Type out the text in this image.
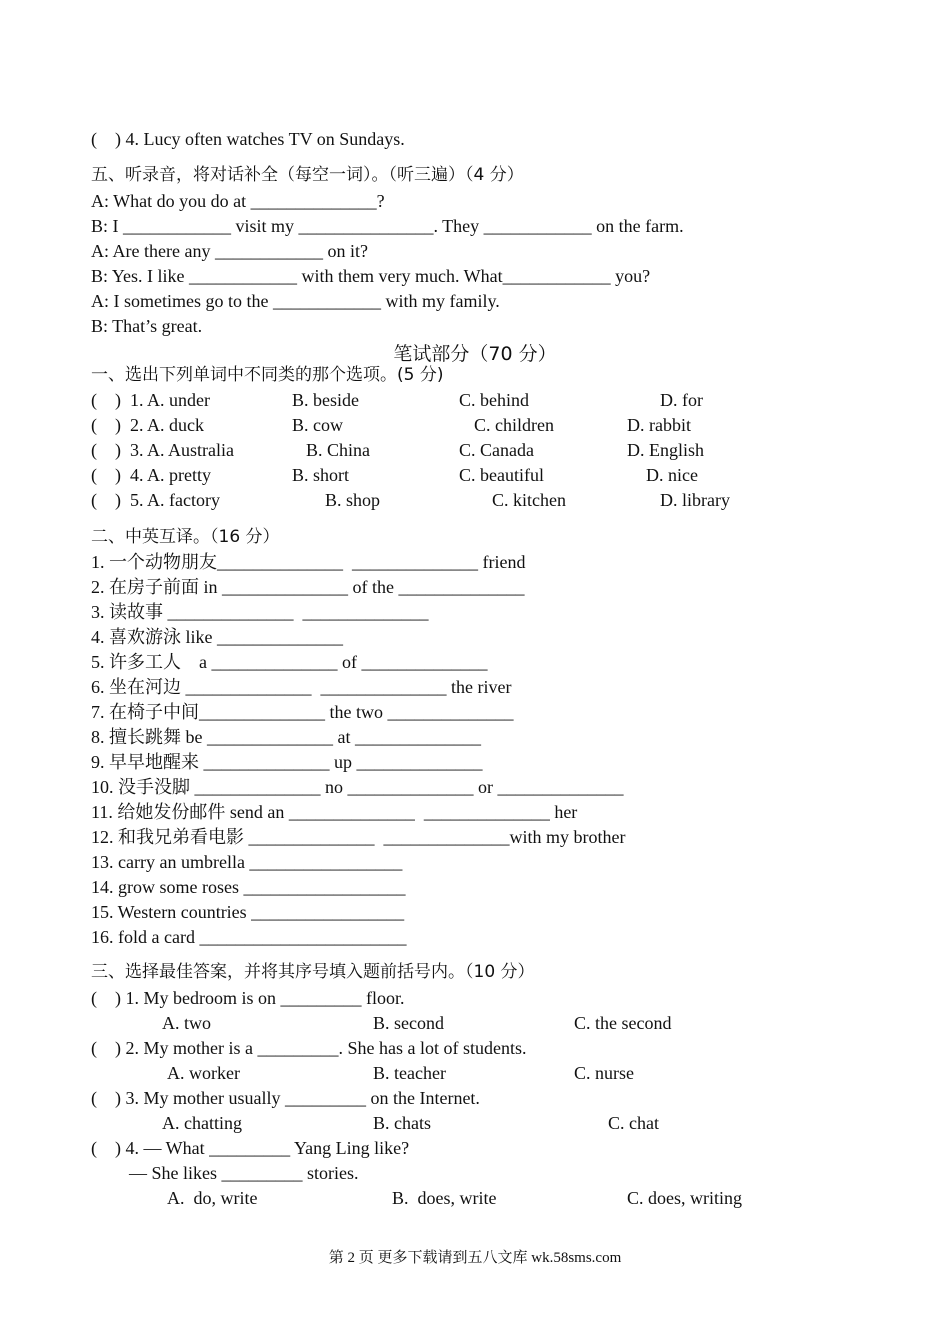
(    ) 4. Lucy often watches TV on Sundays.
五、听录音，将对话补全（每空一词）。（听三遍）（4 分）
A: What do you do at ______________?
B: I ____________ visit my _______________. They ____________ on the farm.
A: Are there any ____________ on it?
B: Yes. I like ____________ with them very much. What____________ you?
A: I sometimes go to the ____________ with my family.
B: That’s great.
笔试部分（70 分）
一、选出下列单词中不同类的那个选项。(5 分)
(    )  1. A. under	B. beside	C. behind	D. for
(    )  2. A. duck	B. cow	C. children	D. rabbit
(    )  3. A. Australia	B. China	C. Canada	D. English
(    )  4. A. pretty	B. short	C. beautiful	D. nice
(    )  5. A. factory	B. shop	C. kitchen	D. library
二、中英互译。（16 分）
1. 一个动物朋友______________  ______________ friend
2. 在房子前面 in ______________ of the ______________
3. 读故事 ______________  ______________
4. 喜欢游泳 like ______________
5. 许多工人    a ______________ of ______________
6. 坐在河边 ______________  ______________ the river
7. 在椅子中间______________ the two ______________
8. 擅长跳舞 be ______________ at ______________
9. 早早地醒来 ______________ up ______________
10. 没手没脚 ______________ no ______________ or ______________
11. 给她发份邮件 send an ______________  ______________ her
12. 和我兄弟看电影 ______________  ______________with my brother
13. carry an umbrella _________________
14. grow some roses __________________
15. Western countries _________________
16. fold a card _______________________
三、选择最佳答案，并将其序号填入题前括号内。（10 分）
(    ) 1. My bedroom is on _________ floor.
A. two	B. second	C. the second
(    ) 2. My mother is a _________. She has a lot of students.
A. worker	B. teacher	C. nurse
(    ) 3. My mother usually _________ on the Internet.
A. chatting	B. chats	C. chat
(    ) 4. — What _________ Yang Ling like?
— She likes _________ stories.
A.  do, write	B.  does, write	C. does, writing
第 2 页 更多下载请到五八文库 wk.58sms.com
